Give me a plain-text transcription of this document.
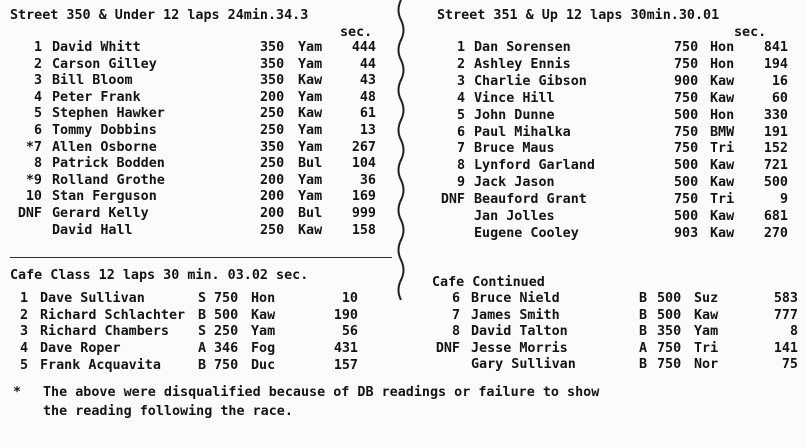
Street 350 & Under 12 laps 24min.34.3
sec.
1 David Whitt	350 Yam 444
2 Carson Gilley	350 Yam	44
3 Bill Bloom	350 Kaw	43
4 Peter Frank	200 Yam	48
5 Stephen Hawker	250 Kaw	61
6 Tommy Dobbins	250 Yam	13
*7 Allen Osborne	350 Yam 267
8 Patrick Bodden	250 Bul 104
*9 Rolland Grothe	200 Yam	36
10 Stan Ferguson	200 Yam 169
DNF Gerard Kelly	200 Bul 999
David Hall	250 Kaw 158
Street 351 & Up 12 laps 30min.30.01
sec.
1 Dan Sorensen	750 Hon 841
2 Ashley Ennis	750 Hon 194
3 Charlie Gibson	900 Kaw	16
4 Vince Hill	750 Kaw	60
5 John Dunne	500 Hon 330
6 Paul Mihalka	750 BMW 191
7 Bruce Maus	750 Tri 152
8 Lynford Garland	500 Kaw 721
9 Jack Jason	500 Kaw 500
DNF Beauford Grant	750 Tri	9
Jan Jolles	500 Kaw 681
Eugene Cooley	903 Kaw 270
Cafe Class 12 laps 30 min. 03.02 sec.
1 Dave Sullivan	S 750 Hon	10
2 Richard Schlachter B 500 Kaw	190
3 Richard Chambers S 250 Yam	56
4 Dave Roper	A 346 Fog	431
5 Frank Acquavita	B 750 Duc	157
Cafe Continued
6 Bruce Nield	B 500 Suz	583
7 James Smith	B 500 Kaw	777
8 David Talton	B 350 Yam	8
DNF Jesse Morris	A 750 Tri	141
Gary Sullivan	B 750 Nor	75
* The above were disqualified because of DB readings or failure to show
the reading following the race.
